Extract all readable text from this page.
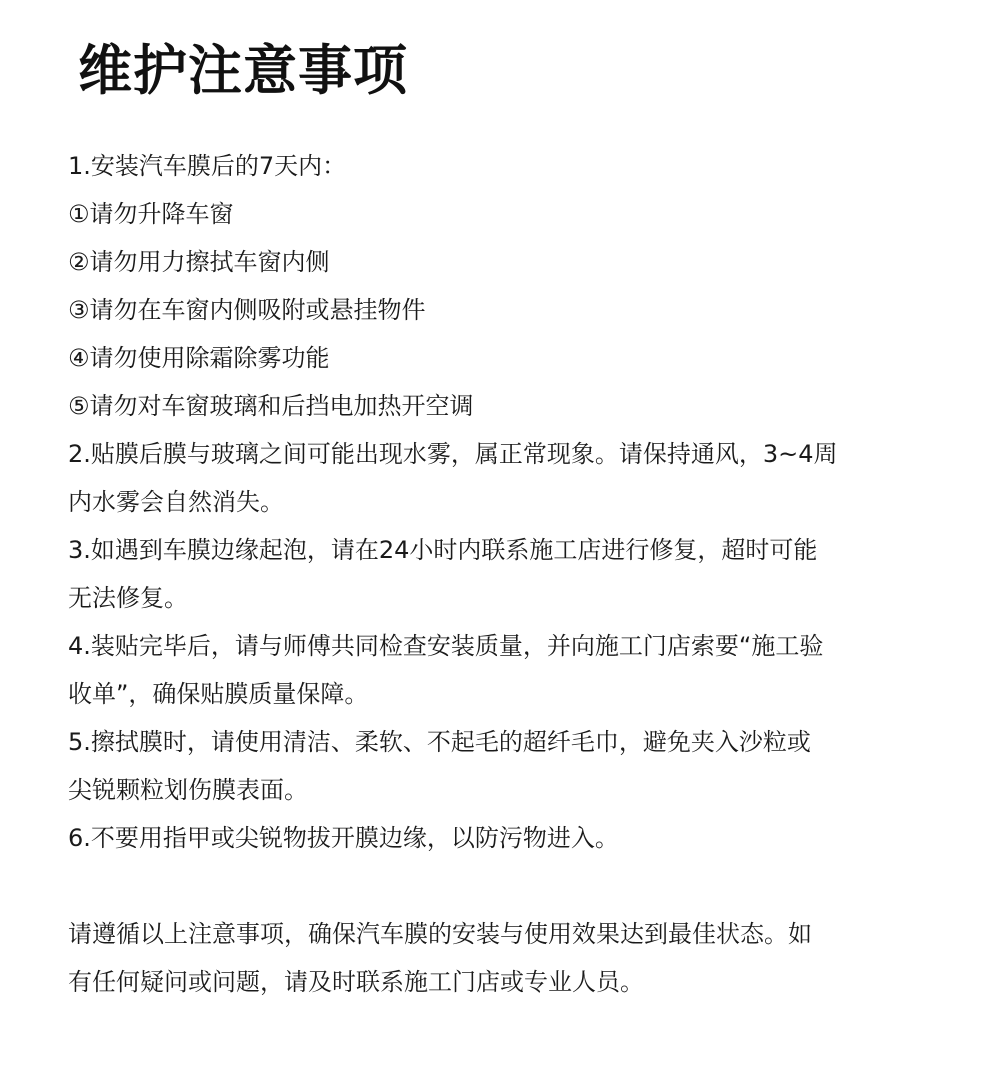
维护注意事项
1.安装汽车膜后的7天内：
①请勿升降车窗
②请勿用力擦拭车窗内侧
③请勿在车窗内侧吸附或悬挂物件
④请勿使用除霜除雾功能
⑤请勿对车窗玻璃和后挡电加热开空调
2.贴膜后膜与玻璃之间可能出现水雾，属正常现象。请保持通风，3~4周
内水雾会自然消失。
3.如遇到车膜边缘起泡，请在24小时内联系施工店进行修复，超时可能
无法修复。
4.装贴完毕后，请与师傅共同检查安装质量，并向施工门店索要“施工验
收单”，确保贴膜质量保障。
5.擦拭膜时，请使用清洁、柔软、不起毛的超纤毛巾，避免夹入沙粒或
尖锐颗粒划伤膜表面。
6.不要用指甲或尖锐物拔开膜边缘，以防污物进入。
请遵循以上注意事项，确保汽车膜的安装与使用效果达到最佳状态。如
有任何疑问或问题，请及时联系施工门店或专业人员。
